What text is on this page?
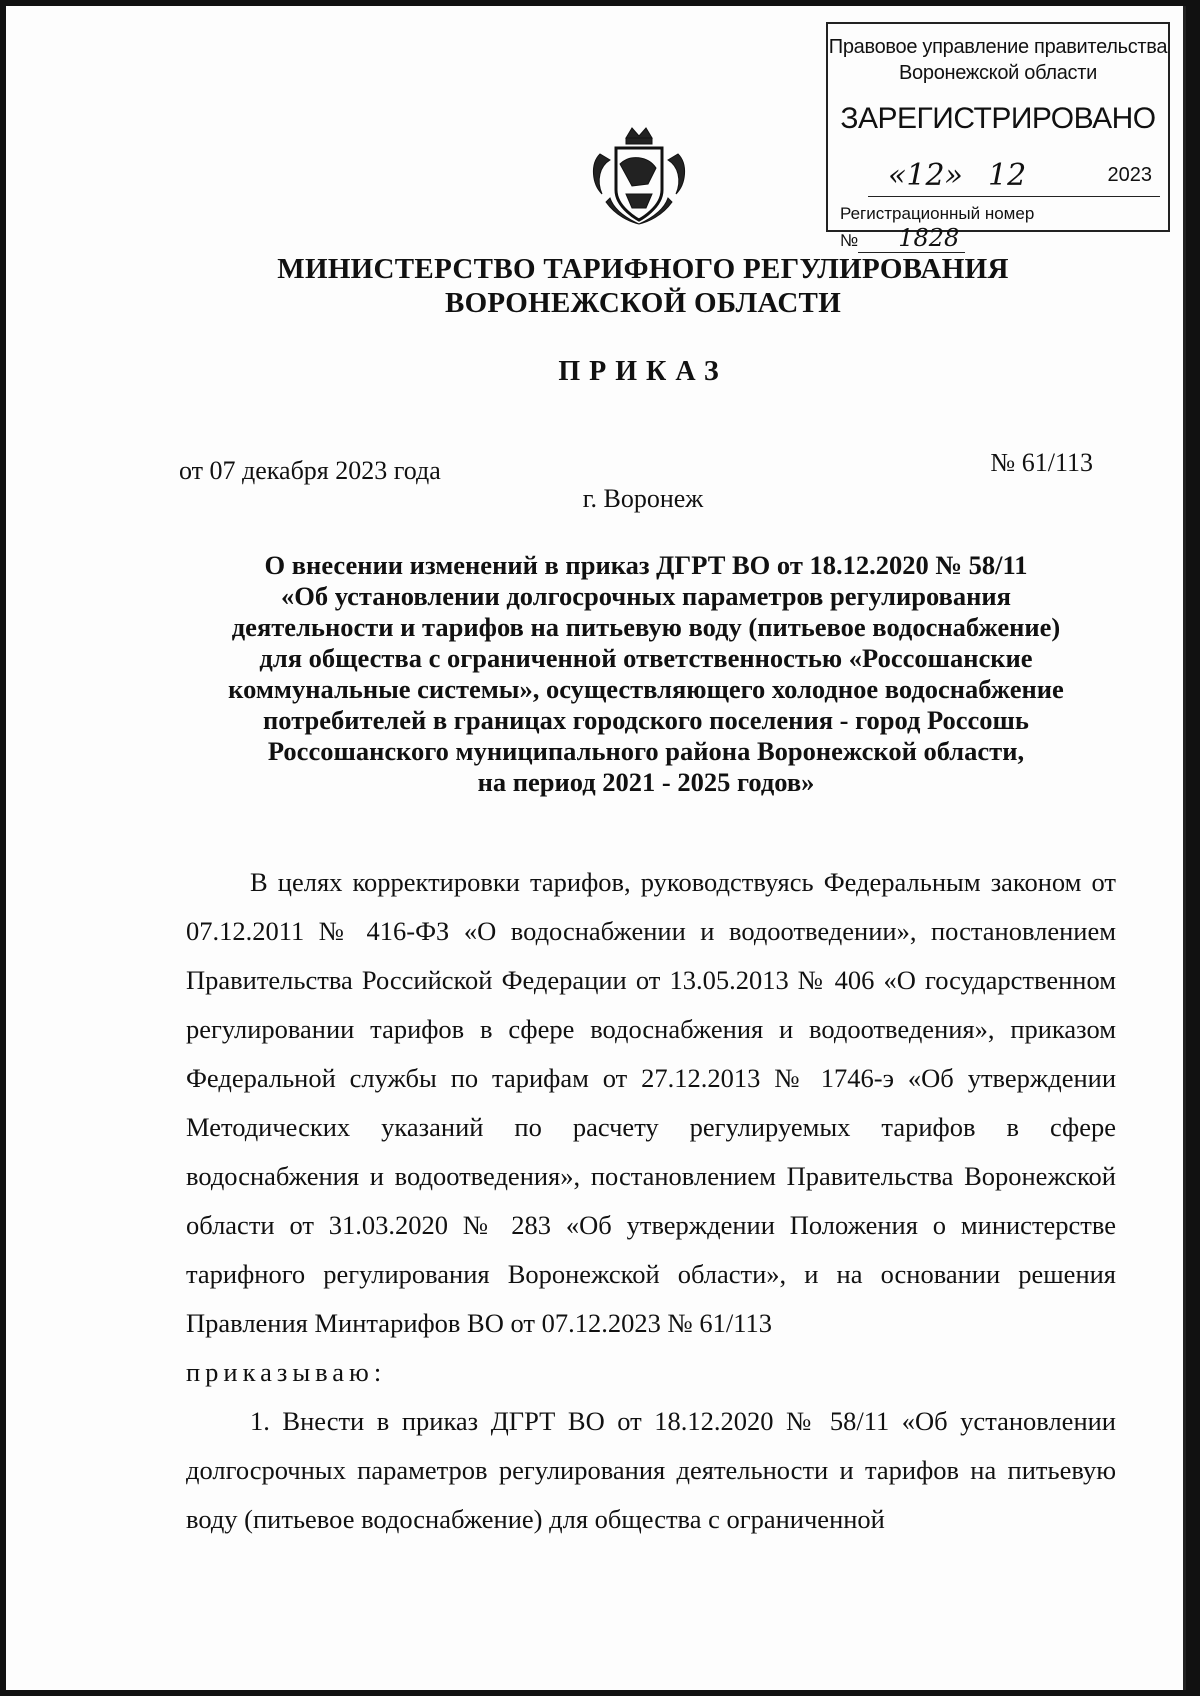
Правовое управление правительства
Воронежской области
ЗАРЕГИСТРИРОВАНО
«12» 12	2023
Регистрационный номер № 1828
МИНИСТЕРСТВО ТАРИФНОГО РЕГУЛИРОВАНИЯ
ВОРОНЕЖСКОЙ ОБЛАСТИ
ПРИКАЗ
от 07 декабря 2023 года	№ 61/113
г. Воронеж
О внесении изменений в приказ ДГРТ ВО от 18.12.2020 № 58/11
«Об установлении долгосрочных параметров регулирования
деятельности и тарифов на питьевую воду (питьевое водоснабжение)
для общества с ограниченной ответственностью «Россошанские
коммунальные системы», осуществляющего холодное водоснабжение
потребителей в границах городского поселения - город Россошь
Россошанского муниципального района Воронежской области,
на период 2021 - 2025 годов»

В целях корректировки тарифов, руководствуясь Федеральным законом от 07.12.2011 № 416-ФЗ «О водоснабжении и водоотведении», постановлением Правительства Российской Федерации от 13.05.2013 № 406 «О государственном регулировании тарифов в сфере водоснабжения и водоотведения», приказом Федеральной службы по тарифам от 27.12.2013 № 1746-э «Об утверждении Методических указаний по расчету регулируемых тарифов в сфере водоснабжения и водоотведения», постановлением Правительства Воронежской области от 31.03.2020 № 283 «Об утверждении Положения о министерстве тарифного регулирования Воронежской области», и на основании решения Правления Минтарифов ВО от 07.12.2023 № 61/113

приказываю:

1. Внести в приказ ДГРТ ВО от 18.12.2020 № 58/11 «Об установлении долгосрочных параметров регулирования деятельности и тарифов на питьевую воду (питьевое водоснабжение) для общества с ограниченной
